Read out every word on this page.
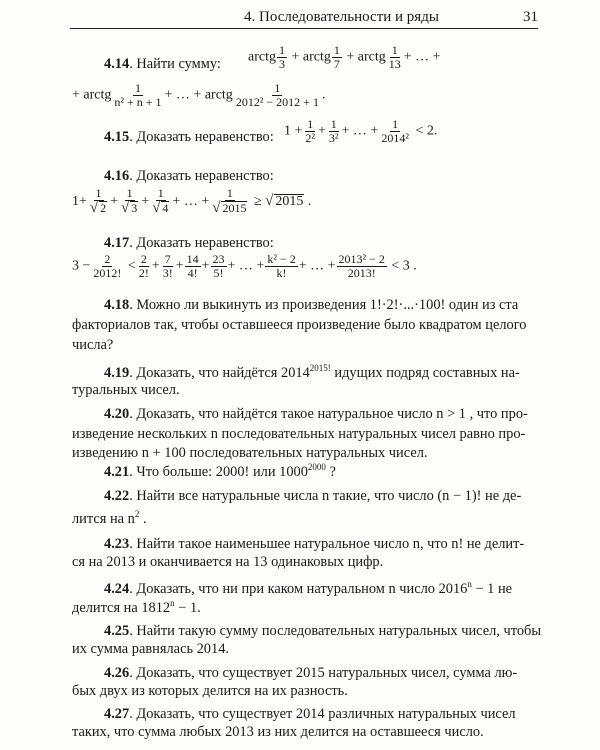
4. Последовательности и ряды	31
4.14. Найти сумму: arctg $\frac{1}{3}$ + arctg $\frac{1}{7}$ + arctg $\frac{1}{13}$ + … +
+ arctg $\frac{1}{\text{n² + n + 1}}$ + … + arctg $\frac{1}{\text{2012² − 2012 + 1}}$ .
4.15. Доказать неравенство: $1 + \frac{1}{\text{2²}} + \frac{1}{\text{3²}}$ + … + $\frac{1}{\text{2014²}} < 2$.
4.16. Доказать неравенство:
$1+ \frac{1}{√ 2} + \frac{1}{√ 3} + \frac{1}{√ 4}$ + … + $\frac{1}{√ 2015}$ ≥ √ 2015 .
4.17. Доказать неравенство:
$3 - \frac{2}{2012!} < \frac{2}{2!} + \frac{7}{3!} + \frac{14}{4!} + \frac{23}{5!}$ + … + $\frac{\text{k² − 2}}{k!}$ + … + $\frac{\text{2013² − 2}}{2013!} < 3$ .
4.18. Можно ли выкинуть из произведения 1!·2!·...·100! один из ста
факториалов так, чтобы оставшееся произведение было квадратом целого
числа?
4.19. Доказать, что найдётся $2014^{2015!}$ идущих подряд составных на-
туральных чисел.
4.20. Доказать, что найдётся такое натуральное число n > 1 , что про-
изведение нескольких n последовательных натуральных чисел равно про-
изведению n + 100 последовательных натуральных чисел.
4.21. Что больше: 2000! или $1000^{2000}$ ?
4.22. Найти все натуральные числа n такие, что число (n − 1)! не де-
лится на $n^2$ .
4.23. Найти такое наименьшее натуральное число n, что n! не делит-
ся на 2013 и оканчивается на 13 одинаковых цифр.
4.24. Доказать, что ни при каком натуральном n число $2016^n - 1$ не
делится на $1812^n - 1$.
4.25. Найти такую сумму последовательных натуральных чисел, чтобы
их сумма равнялась 2014.
4.26. Доказать, что существует 2015 натуральных чисел, сумма лю-
бых двух из которых делится на их разность.
4.27. Доказать, что существует 2014 различных натуральных чисел
таких, что сумма любых 2013 из них делится на оставшееся число.
